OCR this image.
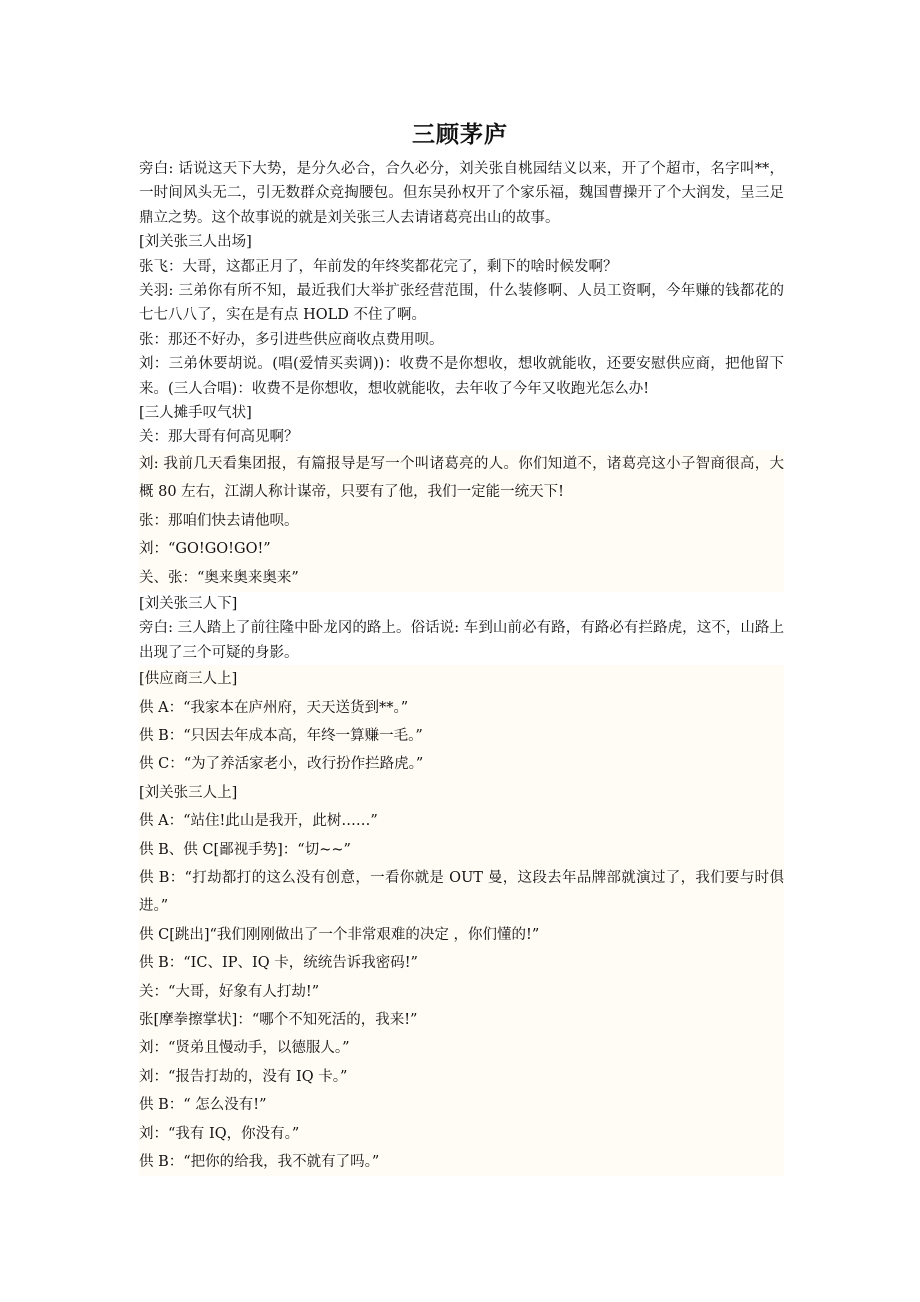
三顾茅庐

旁白: 话说这天下大势，是分久必合，合久必分，刘关张自桃园结义以来，开了个超市，名字叫**，一时间风头无二，引无数群众竞掏腰包。但东吴孙权开了个家乐福，魏国曹操开了个大润发，呈三足鼎立之势。这个故事说的就是刘关张三人去请诸葛亮出山的故事。

[刘关张三人出场]

张飞：大哥，这都正月了，年前发的年终奖都花完了，剩下的啥时候发啊？

关羽: 三弟你有所不知，最近我们大举扩张经营范围，什么装修啊、人员工资啊，今年赚的钱都花的七七八八了，实在是有点 HOLD 不住了啊。

张：那还不好办，多引进些供应商收点费用呗。

刘：三弟休要胡说。(唱(爱情买卖调))：收费不是你想收，想收就能收，还要安慰供应商，把他留下来。(三人合唱)：收费不是你想收，想收就能收，去年收了今年又收跑光怎么办!

[三人摊手叹气状]

关：那大哥有何高见啊？

刘: 我前几天看集团报，有篇报导是写一个叫诸葛亮的人。你们知道不，诸葛亮这小子智商很高，大概 80 左右，江湖人称计谋帝，只要有了他，我们一定能一统天下!

张：那咱们快去请他呗。

刘：“GO!GO!GO!”

关、张：“奥来奥来奥来”

[刘关张三人下]

旁白: 三人踏上了前往隆中卧龙冈的路上。俗话说: 车到山前必有路，有路必有拦路虎，这不，山路上出现了三个可疑的身影。

[供应商三人上]

供 A：“我家本在庐州府，天天送货到**。”

供 B：“只因去年成本高，年终一算赚一毛。”

供 C：“为了养活家老小，改行扮作拦路虎。”

[刘关张三人上]

供 A：“站住!此山是我开，此树……”

供 B、供 C[鄙视手势]：“切~~”

供 B：“打劫都打的这么没有创意，一看你就是 OUT 曼，这段去年品牌部就演过了，我们要与时俱进。”

供 C[跳出]“我们刚刚做出了一个非常艰难的决定 ，你们懂的!”

供 B：“IC、IP、IQ 卡，统统告诉我密码!”

关：“大哥，好象有人打劫!”

张[摩拳擦掌状]：“哪个不知死活的，我来!”

刘：“贤弟且慢动手，以德服人。”

刘：“报告打劫的，没有 IQ 卡。”

供 B：“ 怎么没有!”

刘：“我有 IQ，你没有。”

供 B：“把你的给我，我不就有了吗。”
